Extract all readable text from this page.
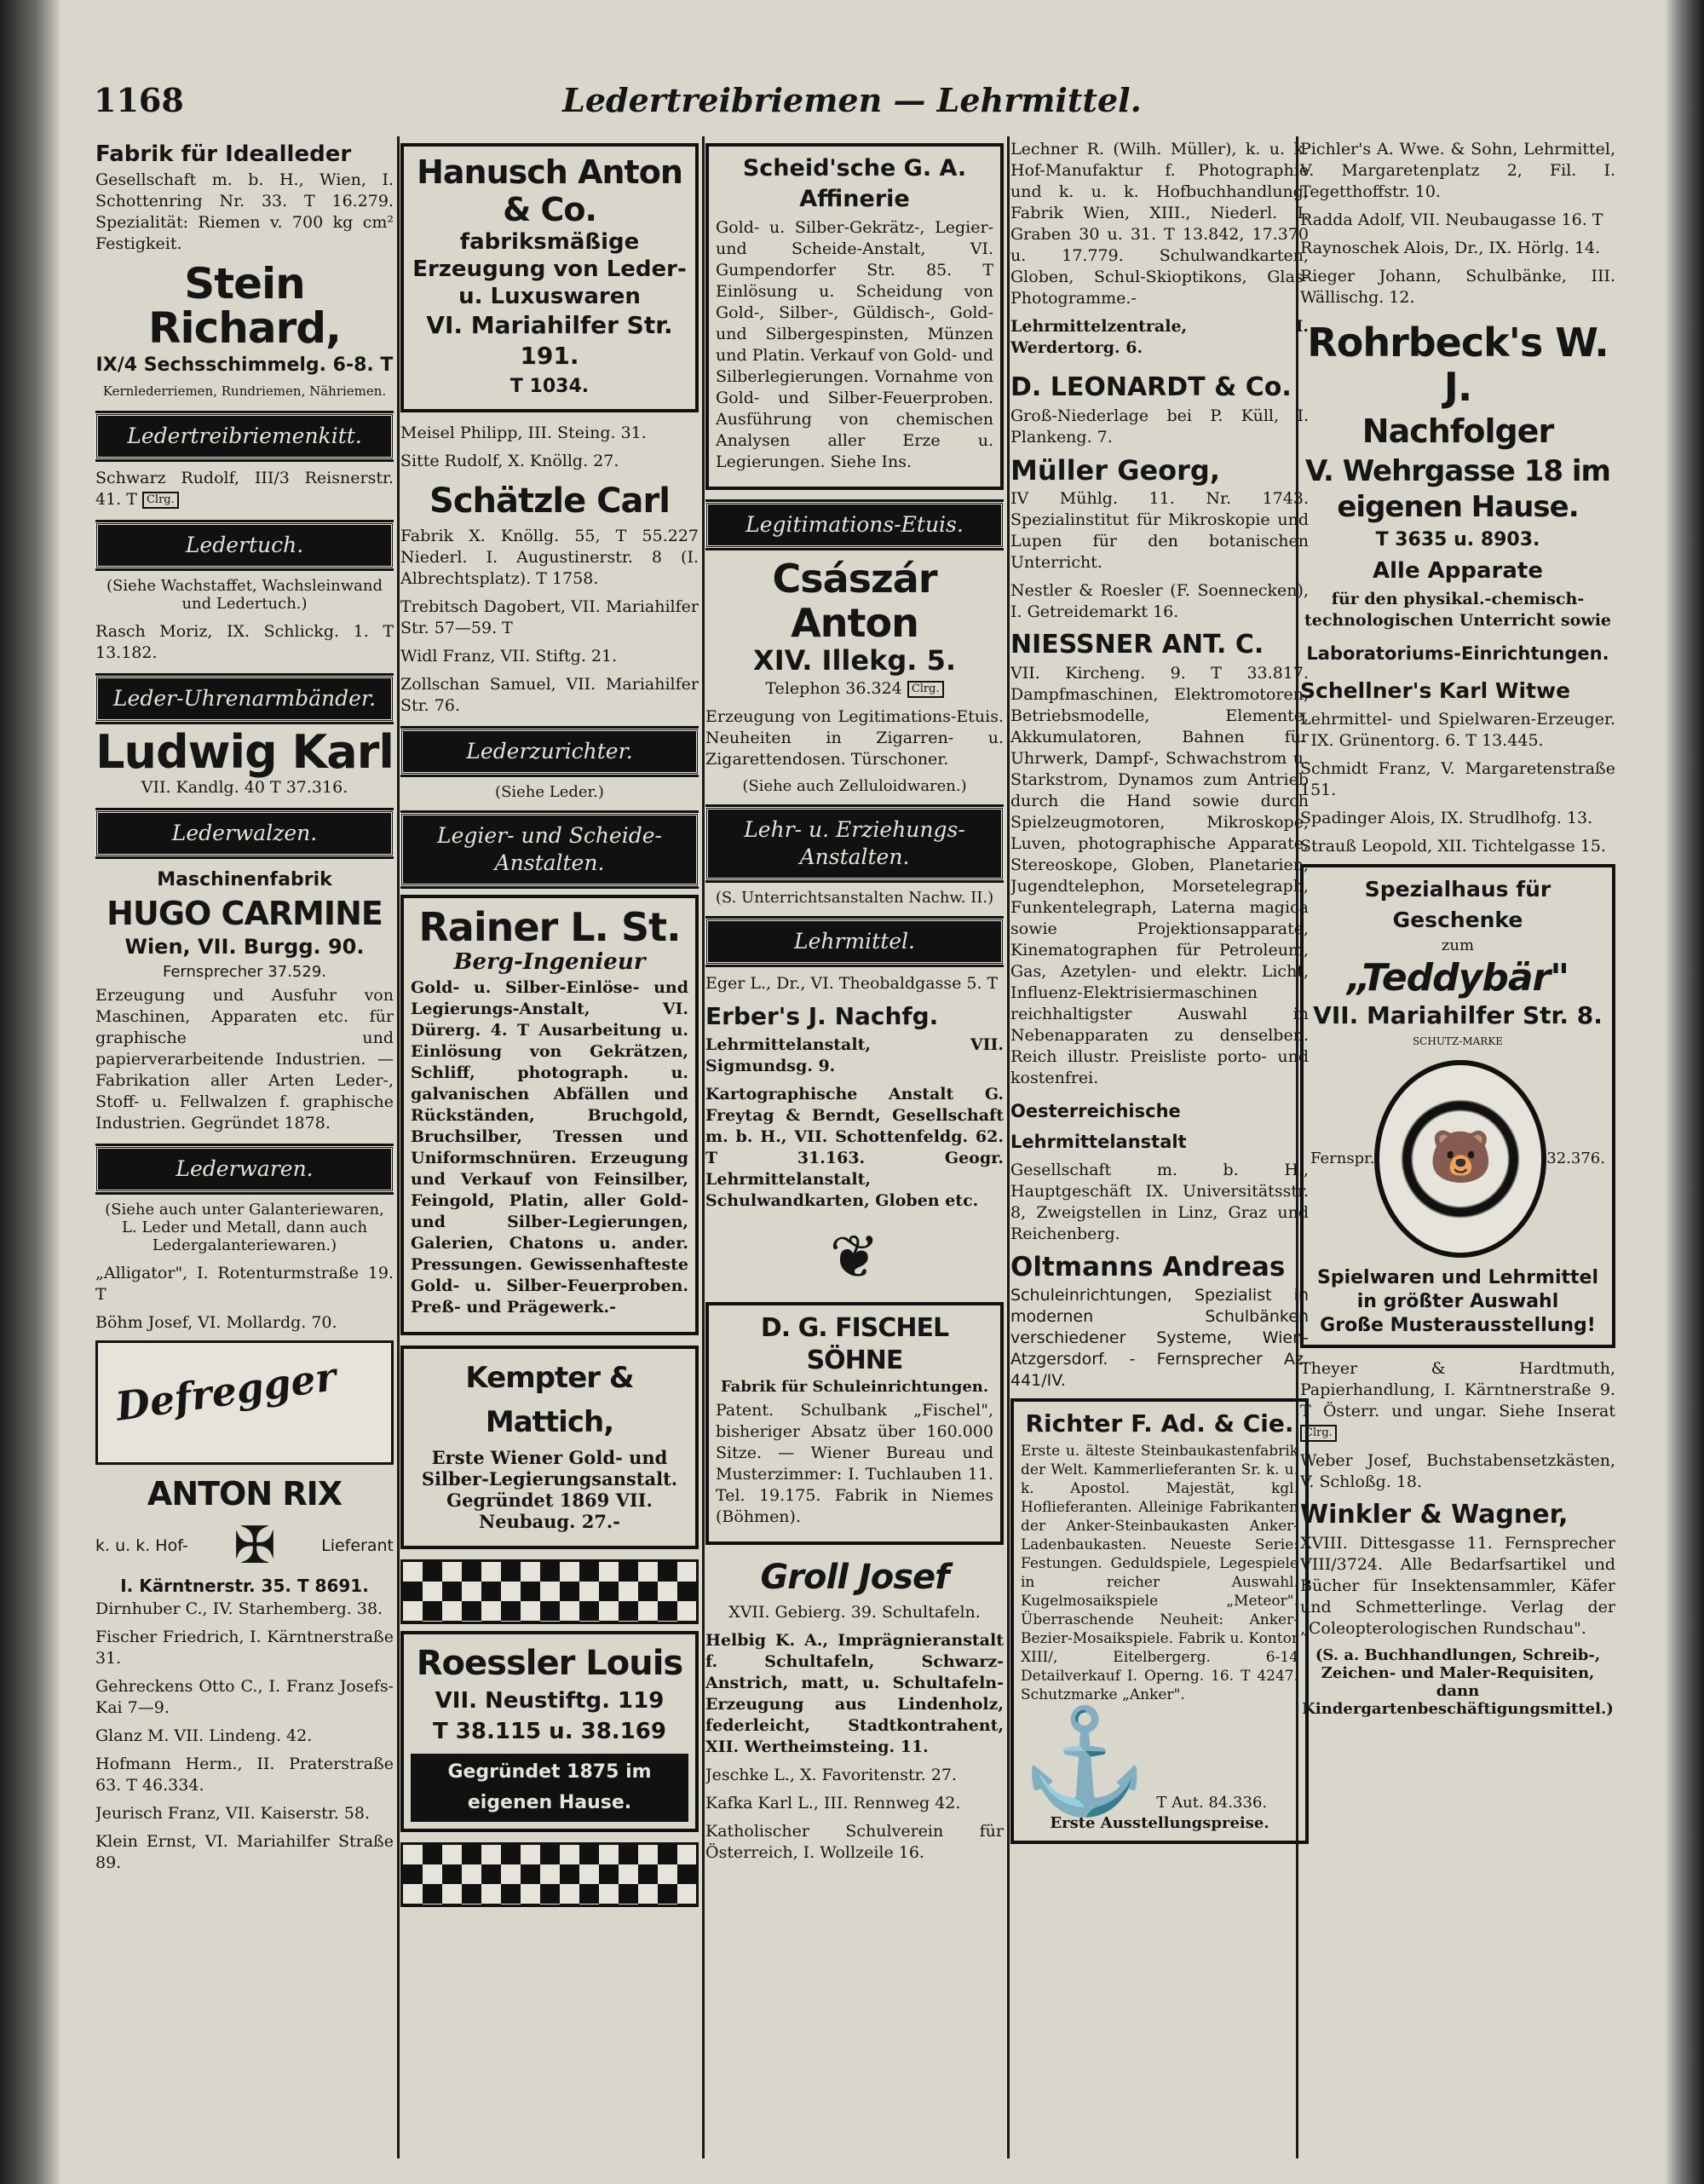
1168	Ledertreibriemen — Lehrmittel.
Fabrik für Idealleder
Gesellschaft m. b. H., Wien, I. Schottenring Nr. 33. T 16.279. Spezialität: Riemen v. 700 kg cm² Festigkeit.
Stein Richard,
IX/4 Sechsschimmelg. 6-8. T
Kernlederriemen, Rundriemen, Nähriemen.
Ledertreibriemenkitt.
Schwarz Rudolf, III/3 Reisnerstr. 41. T Clrg.
Ledertuch.
(Siehe Wachstaffet, Wachsleinwand und Ledertuch.)
Rasch Moriz, IX. Schlickg. 1. T 13.182.
Leder-Uhrenarmbänder.
Ludwig Karl
VII. Kandlg. 40 T 37.316.
Lederwalzen.
Maschinenfabrik
HUGO CARMINE
Wien, VII. Burgg. 90.
Fernsprecher 37.529.
Erzeugung und Ausfuhr von Maschinen, Apparaten etc. für graphische und papierverarbeitende Industrien. — Fabrikation aller Arten Leder-, Stoff- u. Fellwalzen f. graphische Industrien. Gegründet 1878.
Lederwaren.
(Siehe auch unter Galanteriewaren, L. Leder und Metall, dann auch Ledergalanteriewaren.)
„Alligator", I. Rotenturmstraße 19. T
Böhm Josef, VI. Mollardg. 70.
Defregger
ANTON RIX
k. u. k. Hof- ✠	Lieferant
I. Kärntnerstr. 35. T 8691.
Dirnhuber C., IV. Starhemberg. 38.
Fischer Friedrich, I. Kärntnerstraße 31.
Gehreckens Otto C., I. Franz Josefs-Kai 7—9.
Glanz M. VII. Lindeng. 42.
Hofmann Herm., II. Praterstraße 63. T 46.334.
Jeurisch Franz, VII. Kaiserstr. 58.
Klein Ernst, VI. Mariahilfer Straße 89.
Hanusch Anton & Co.
fabriksmäßige Erzeugung von Leder- u. Luxuswaren
VI. Mariahilfer Str. 191.
T 1034.
Meisel Philipp, III. Steing. 31.
Sitte Rudolf, X. Knöllg. 27.
Schätzle Carl
Fabrik X. Knöllg. 55, T 55.227 Niederl. I. Augustinerstr. 8 (I. Albrechtsplatz). T 1758.
Trebitsch Dagobert, VII. Mariahilfer Str. 57—59. T
Widl Franz, VII. Stiftg. 21.
Zollschan Samuel, VII. Mariahilfer Str. 76.
Lederzurichter.
(Siehe Leder.)
Legier- und Scheide-Anstalten.
Rainer L. St.
Berg-Ingenieur
Gold- u. Silber-Einlöse- und Legierungs-Anstalt, VI. Dürerg. 4. T Ausarbeitung u. Einlösung von Gekrätzen, Schliff, photograph. u. galvanischen Abfällen und Rückständen, Bruchgold, Bruchsilber, Tressen und Uniformschnüren. Erzeugung und Verkauf von Feinsilber, Feingold, Platin, aller Gold- und Silber-Legierungen, Galerien, Chatons u. ander. Pressungen. Gewissenhafteste Gold- u. Silber-Feuerproben. Preß- und Prägewerk.-
Kempter & Mattich,
Erste Wiener Gold- und Silber-Legierungsanstalt. Gegründet 1869 VII. Neubaug. 27.-
Roessler Louis
VII. Neustiftg. 119
T 38.115 u. 38.169
Gegründet 1875 im eigenen Hause.
Scheid'sche G. A. Affinerie
Gold- u. Silber-Gekrätz-, Legier- und Scheide-Anstalt, VI. Gumpendorfer Str. 85. T Einlösung u. Scheidung von Gold-, Silber-, Güldisch-, Gold- und Silbergespinsten, Münzen und Platin. Verkauf von Gold- und Silberlegierungen. Vornahme von Gold- und Silber-Feuerproben. Ausführung von chemischen Analysen aller Erze u. Legierungen. Siehe Ins.
Legitimations-Etuis.
Császár Anton
XIV. Illekg. 5.
Telephon 36.324 Clrg.
Erzeugung von Legitimations-Etuis. Neuheiten in Zigarren- u. Zigarettendosen. Türschoner.
(Siehe auch Zelluloidwaren.)
Lehr- u. Erziehungs-Anstalten.
(S. Unterrichtsanstalten Nachw. II.)
Lehrmittel.
Eger L., Dr., VI. Theobaldgasse 5. T
Erber's J. Nachfg.
Lehrmittelanstalt, VII. Sigmundsg. 9.
Kartographische Anstalt G. Freytag & Berndt, Gesellschaft m. b. H., VII. Schottenfeldg. 62. T 31.163. Geogr. Lehrmittelanstalt, Schulwandkarten, Globen etc.
❦
D. G. FISCHEL SÖHNE
Fabrik für Schuleinrichtungen.
Patent. Schulbank „Fischel", bisheriger Absatz über 160.000 Sitze. — Wiener Bureau und Musterzimmer: I. Tuchlauben 11. Tel. 19.175. Fabrik in Niemes (Böhmen).
Groll Josef
XVII. Gebierg. 39. Schultafeln.
Helbig K. A., Imprägnieranstalt f. Schultafeln, Schwarz-Anstrich, matt, u. Schultafeln-Erzeugung aus Lindenholz, federleicht, Stadtkontrahent, XII. Wertheimsteing. 11.
Jeschke L., X. Favoritenstr. 27.
Kafka Karl L., III. Rennweg 42.
Katholischer Schulverein für Österreich, I. Wollzeile 16.
Lechner R. (Wilh. Müller), k. u. k. Hof-Manufaktur f. Photographie und k. u. k. Hofbuchhandlung, Fabrik Wien, XIII., Niederl. I. Graben 30 u. 31. T 13.842, 17.370 u. 17.779. Schulwandkarten, Globen, Schul-Skioptikons, Glas-Photogramme.-
Lehrmittelzentrale, I. Werdertorg. 6.
D. LEONARDT & Co.
Groß-Niederlage bei P. Küll, I. Plankeng. 7.
Müller Georg,
IV Mühlg. 11. Nr. 1743. Spezialinstitut für Mikroskopie und Lupen für den botanischen Unterricht.
Nestler & Roesler (F. Soennecken), I. Getreidemarkt 16.
NIESSNER ANT. C.
VII. Kircheng. 9. T 33.817. Dampfmaschinen, Elektromotoren, Betriebsmodelle, Elemente, Akkumulatoren, Bahnen für Uhrwerk, Dampf-, Schwachstrom u. Starkstrom, Dynamos zum Antrieb durch die Hand sowie durch Spielzeugmotoren, Mikroskope, Luven, photographische Apparate, Stereoskope, Globen, Planetarien, Jugendtelephon, Morsetelegraph, Funkentelegraph, Laterna magica sowie Projektionsapparate, Kinematographen für Petroleum, Gas, Azetylen- und elektr. Licht, Influenz-Elektrisiermaschinen reichhaltigster Auswahl in Nebenapparaten zu denselben. Reich illustr. Preisliste porto- und kostenfrei.
Oesterreichische Lehrmittelanstalt
Gesellschaft m. b. H., Hauptgeschäft IX. Universitätsstr. 8, Zweigstellen in Linz, Graz und Reichenberg.
Oltmanns Andreas
Schuleinrichtungen, Spezialist in modernen Schulbänken verschiedener Systeme, Wien-Atzgersdorf. - Fernsprecher Az. 441/IV.
Richter F. Ad. & Cie.
Erste u. älteste Steinbaukastenfabrik der Welt. Kammerlieferanten Sr. k. u. k. Apostol. Majestät, kgl. Hoflieferanten. Alleinige Fabrikanten der Anker-Steinbaukasten Anker-Ladenbaukasten. Neueste Serie: Festungen. Geduldspiele, Legespiele in reicher Auswahl. Kugelmosaikspiele „Meteor". Überraschende Neuheit: Anker-Bezier-Mosaikspiele. Fabrik u. Kontor XIII/, Eitelbergerg. 6-14 Detailverkauf I. Operng. 16. T 4247. Schutzmarke „Anker".
⚓ T Aut. 84.336.
Erste Ausstellungspreise.
Pichler's A. Wwe. & Sohn, Lehrmittel, V. Margaretenplatz 2, Fil. I. Tegetthoffstr. 10.
Radda Adolf, VII. Neubaugasse 16. T
Raynoschek Alois, Dr., IX. Hörlg. 14.
Rieger Johann, Schulbänke, III. Wällischg. 12.
Rohrbeck's W. J.
Nachfolger
V. Wehrgasse 18 im eigenen Hause.
T 3635 u. 8903.
Alle Apparate
für den physikal.-chemisch-technologischen Unterricht sowie
Laboratoriums-Einrichtungen.
Schellner's Karl Witwe
Lehrmittel- und Spielwaren-Erzeuger. - IX. Grünentorg. 6. T 13.445.
Schmidt Franz, V. Margaretenstraße 151.
Spadinger Alois, IX. Strudlhofg. 13.
Strauß Leopold, XII. Tichtelgasse 15.
Spezialhaus für Geschenke
zum
„Teddybär"
VII. Mariahilfer Str. 8.
SCHUTZ-MARKE
Fernspr.	🐻	32.376.
Spielwaren und Lehrmittel
in größter Auswahl
Große Musterausstellung!
Theyer & Hardtmuth, Papierhandlung, I. Kärntnerstraße 9. T Österr. und ungar. Siehe Inserat Clrg.
Weber Josef, Buchstabensetzkästen, V. Schloßg. 18.
Winkler & Wagner,
XVIII. Dittesgasse 11. Fernsprecher VIII/3724. Alle Bedarfsartikel und Bücher für Insektensammler, Käfer und Schmetterlinge. Verlag der „Coleopterologischen Rundschau".
(S. a. Buchhandlungen, Schreib-, Zeichen- und Maler-Requisiten, dann Kindergartenbeschäftigungsmittel.)
